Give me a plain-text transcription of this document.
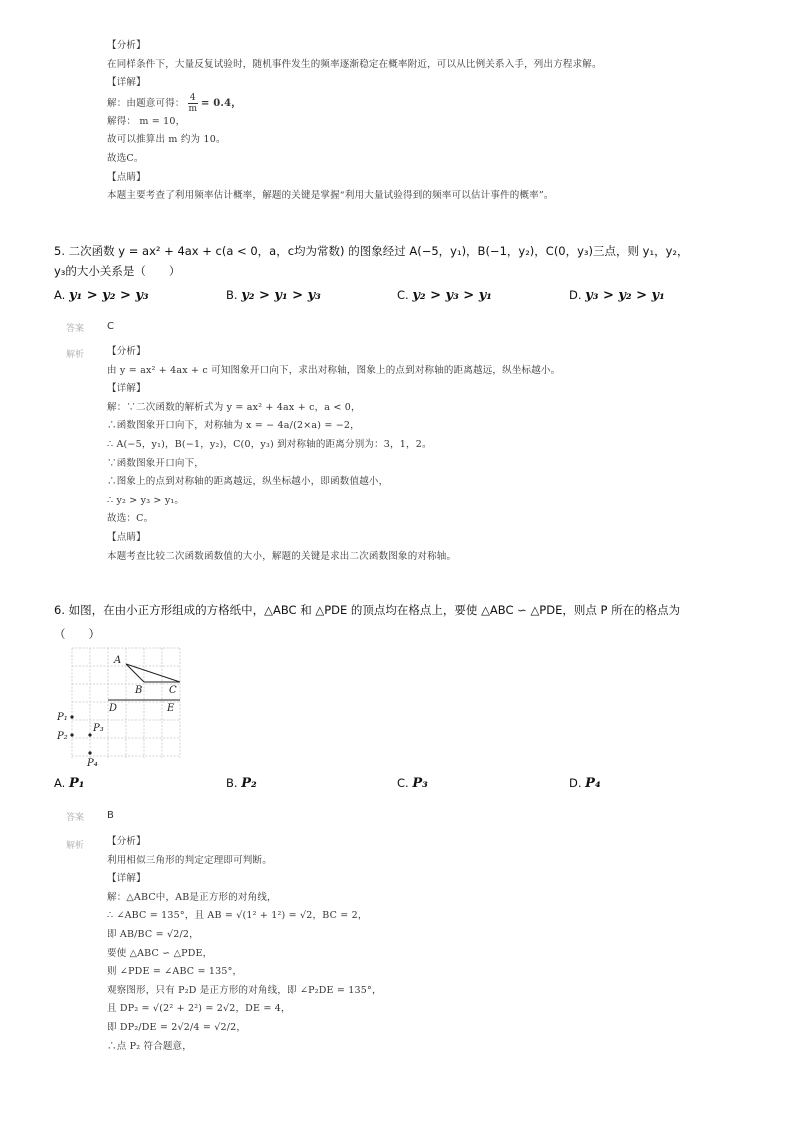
【分析】

在同样条件下，大量反复试验时，随机事件发生的频率逐渐稳定在概率附近，可以从比例关系入手，列出方程求解。

【详解】

解：由题意可得： $\frac{4}{m} = 0.4$，

解得： m = 10，

故可以推算出 m 约为 10。

故选C。

【点睛】

本题主要考查了利用频率估计概率，解题的关键是掌握“利用大量试验得到的频率可以估计事件的概率”。

5. 二次函数 y = ax² + 4ax + c(a < 0，a，c均为常数) 的图象经过 A(−5，y₁)，B(−1，y₂)，C(0，y₃)三点，则 y₁，y₂，
y₃的大小关系是（　　）
A. y₁ > y₂ > y₃	B. y₂ > y₁ > y₃	C. y₂ > y₃ > y₁	D. y₃ > y₂ > y₁
答案 C
解析 【分析】

由 y = ax² + 4ax + c 可知图象开口向下，求出对称轴，图象上的点到对称轴的距离越远，纵坐标越小。

【详解】

解：∵二次函数的解析式为 y = ax² + 4ax + c，a < 0，

∴函数图象开口向下，对称轴为 x = − 4a/(2×a) = −2，

∴ A(−5，y₁)，B(−1，y₂)，C(0，y₃) 到对称轴的距离分别为：3，1，2。

∵函数图象开口向下，

∴图象上的点到对称轴的距离越远，纵坐标越小，即函数值越小，

∴ y₂ > y₃ > y₁。

故选：C。

【点睛】

本题考查比较二次函数函数值的大小，解题的关键是求出二次函数图象的对称轴。

6. 如图，在由小正方形组成的方格纸中，△ABC 和 △PDE 的顶点均在格点上，要使 △ABC ∽ △PDE，则点 P 所在的格点为
（　　）
A
B	C
D	E
P₁
P₂
P₃
P₄
A. P₁	B. P₂	C. P₃	D. P₄
答案 B
解析 【分析】

利用相似三角形的判定定理即可判断。

【详解】

解：△ABC中，AB是正方形的对角线，

∴ ∠ABC = 135°，且 AB = √(1² + 1²) = √2，BC = 2，

即 AB/BC = √2/2，

要使 △ABC ∽ △PDE，

则 ∠PDE = ∠ABC = 135°，

观察图形，只有 P₂D 是正方形的对角线，即 ∠P₂DE = 135°，

且 DP₂ = √(2² + 2²) = 2√2，DE = 4，

即 DP₂/DE = 2√2/4 = √2/2，

∴点 P₂ 符合题意，
